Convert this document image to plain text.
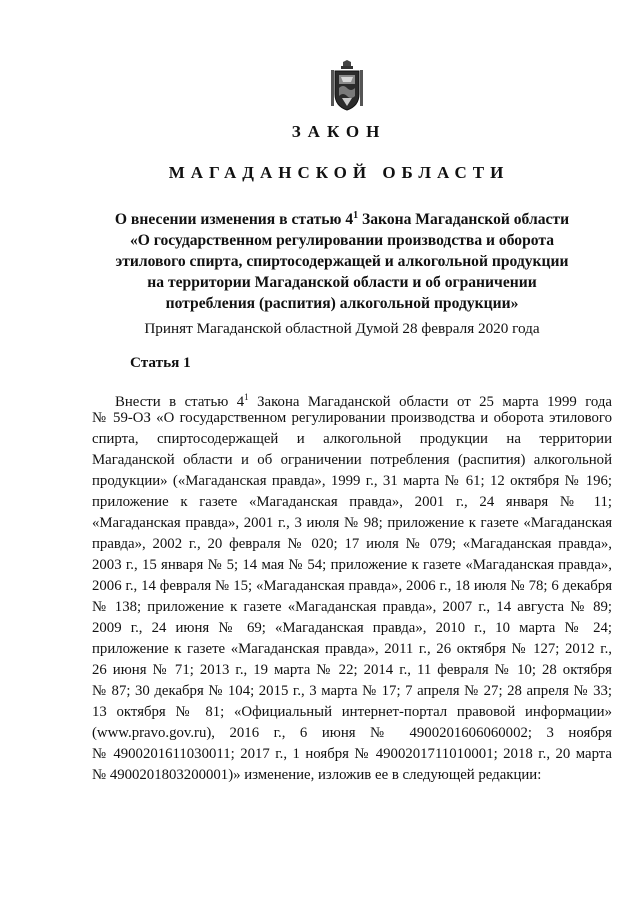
ЗАКОН
МАГАДАНСКОЙ ОБЛАСТИ
О внесении изменения в статью $4^1$ Закона Магаданской области
«О государственном регулировании производства и оборота
этилового спирта, спиртосодержащей и алкогольной продукции
на территории Магаданской области и об ограничении
потребления (распития) алкогольной продукции»
Принят Магаданской областной Думой 28 февраля 2020 года
Статья 1
Внести в статью $4^1$ Закона Магаданской области от 25 марта 1999 года
№ 59-ОЗ «О государственном регулировании производства и оборота этилового
спирта, спиртосодержащей и алкогольной продукции на территории
Магаданской области и об ограничении потребления (распития) алкогольной
продукции» («Магаданская правда», 1999 г., 31 марта № 61; 12 октября № 196;
приложение к газете «Магаданская правда», 2001 г., 24 января № 11;
«Магаданская правда», 2001 г., 3 июля № 98; приложение к газете «Магаданская
правда», 2002 г., 20 февраля № 020; 17 июля № 079; «Магаданская правда»,
2003 г., 15 января № 5; 14 мая № 54; приложение к газете «Магаданская правда»,
2006 г., 14 февраля № 15; «Магаданская правда», 2006 г., 18 июля № 78; 6 декабря
№ 138; приложение к газете «Магаданская правда», 2007 г., 14 августа № 89;
2009 г., 24 июня № 69; «Магаданская правда», 2010 г., 10 марта № 24;
приложение к газете «Магаданская правда», 2011 г., 26 октября № 127; 2012 г.,
26 июня № 71; 2013 г., 19 марта № 22; 2014 г., 11 февраля № 10; 28 октября
№ 87; 30 декабря № 104; 2015 г., 3 марта № 17; 7 апреля № 27; 28 апреля № 33;
13 октября № 81; «Официальный интернет-портал правовой информации»
(www.pravo.gov.ru), 2016 г., 6 июня № 4900201606060002; 3 ноября
№ 4900201611030011; 2017 г., 1 ноября № 4900201711010001; 2018 г., 20 марта
№ 4900201803200001)» изменение, изложив ее в следующей редакции:
